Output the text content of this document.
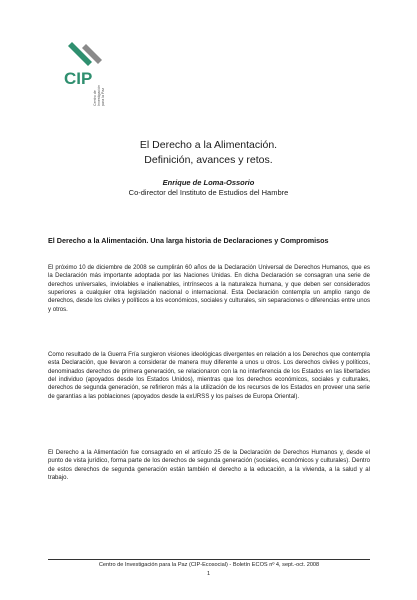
CIP
Centro de Investigación para la Paz
El Derecho a la Alimentación.
Definición, avances y retos.
Enrique de Loma-Ossorio
Co-director del Instituto de Estudios del Hambre
El Derecho a la Alimentación. Una larga historia de Declaraciones y Compromisos

El próximo 10 de diciembre de 2008 se cumplirán 60 años de la Declaración Universal de Derechos Humanos, que es la Declaración más importante adoptada por las Naciones Unidas. En dicha Declaración se consagran una serie de derechos universales, inviolables e inalienables, intrínsecos a la naturaleza humana, y que deben ser considerados superiores a cualquier otra legislación nacional o internacional. Esta Declaración contempla un amplio rango de derechos, desde los civiles y políticos a los económicos, sociales y culturales, sin separaciones o diferencias entre unos y otros.

Como resultado de la Guerra Fría surgieron visiones ideológicas divergentes en relación a los Derechos que contempla esta Declaración, que llevaron a considerar de manera muy diferente a unos u otros. Los derechos civiles y políticos, denominados derechos de primera generación, se relacionaron con la no interferencia de los Estados en las libertades del individuo (apoyados desde los Estados Unidos), mientras que los derechos económicos, sociales y culturales, derechos de segunda generación, se refirieron más a la utilización de los recursos de los Estados en proveer una serie de garantías a las poblaciones (apoyados desde la exURSS y los países de Europa Oriental).

El Derecho a la Alimentación fue consagrado en el artículo 25 de la Declaración de Derechos Humanos y, desde el punto de vista jurídico, forma parte de los derechos de segunda generación (sociales, económicos y culturales). Dentro de estos derechos de segunda generación están también el derecho a la educación, a la vivienda, a la salud y al trabajo.

Centro de Investigación para la Paz (CIP-Ecosocial) - Boletín ECOS nº 4, sept.-oct. 2008
1
